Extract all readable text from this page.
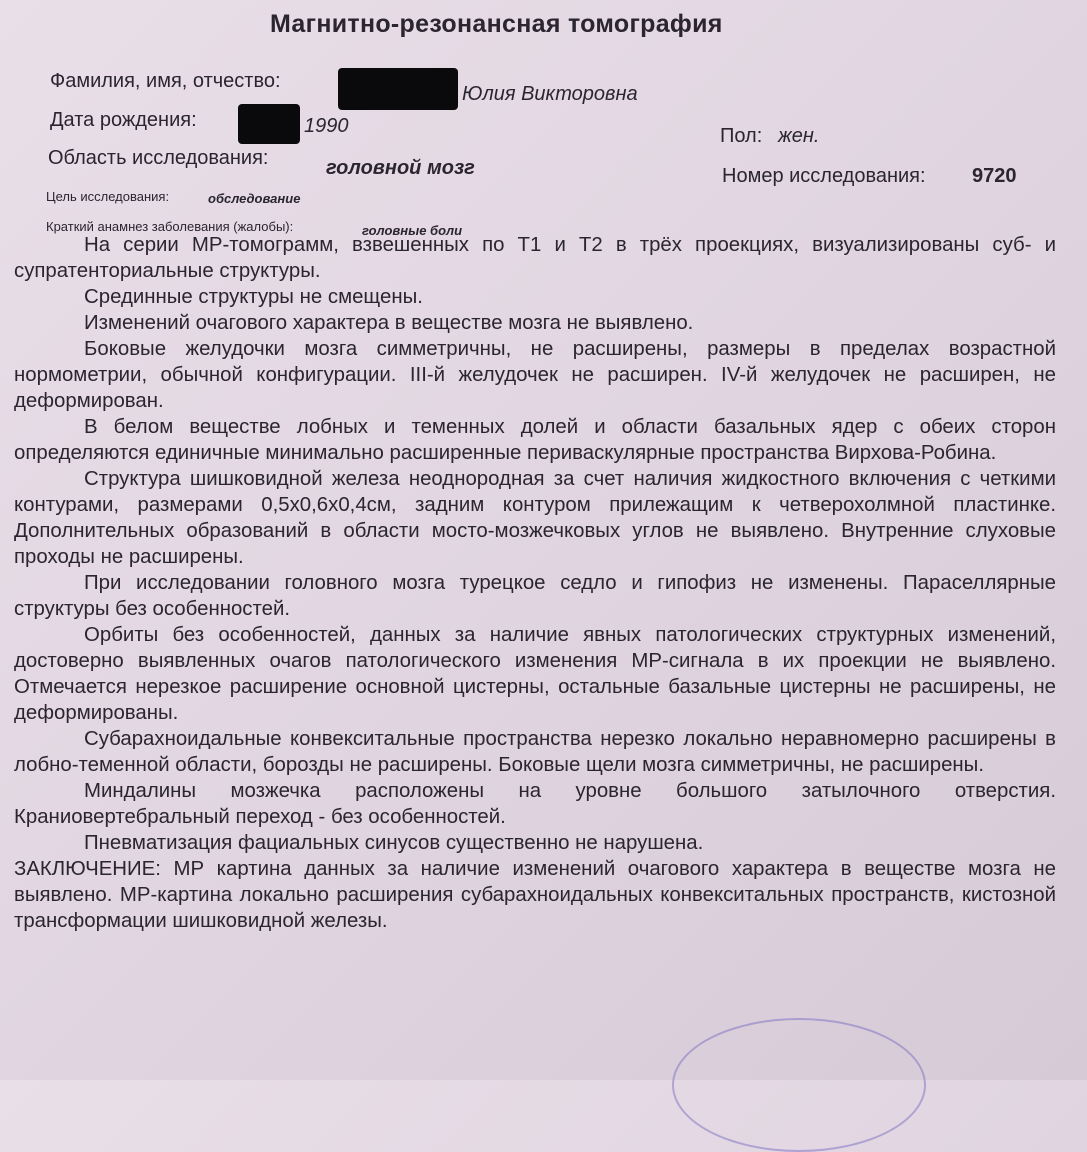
Магнитно-резонансная томография
Фамилия, имя, отчество:
Юлия Викторовна
Дата рождения:	1990	Пол: жен.
Область исследования:	головной мозг	Номер исследования: 9720
Цель исследования:	обследование
Краткий анамнез заболевания (жалобы):	головные боли

На серии МР-томограмм, взвешенных по Т1 и Т2 в трёх проекциях, визуализированы суб- и супратенториальные структуры.

Срединные структуры не смещены.

Изменений очагового характера в веществе мозга не выявлено.

Боковые желудочки мозга симметричны, не расширены, размеры в пределах возрастной нормометрии, обычной конфигурации. III-й желудочек не расширен. IV-й желудочек не расширен, не деформирован.

В белом веществе лобных и теменных долей и области базальных ядер с обеих сторон определяются единичные минимально расширенные периваскулярные пространства Вирхова-Робина.

Структура шишковидной железа неоднородная за счет наличия жидкостного включения с четкими контурами, размерами 0,5х0,6х0,4см, задним контуром прилежащим к четверохолмной пластинке. Дополнительных образований в области мосто-мозжечковых углов не выявлено. Внутренние слуховые проходы не расширены.

При исследовании головного мозга турецкое седло и гипофиз не изменены. Параселлярные структуры без особенностей.

Орбиты без особенностей, данных за наличие явных патологических структурных изменений, достоверно выявленных очагов патологического изменения МР-сигнала в их проекции не выявлено. Отмечается нерезкое расширение основной цистерны, остальные базальные цистерны не расширены, не деформированы.

Субарахноидальные конвекситальные пространства нерезко локально неравномерно расширены в лобно-теменной области, борозды не расширены. Боковые щели мозга симметричны, не расширены.

Миндалины мозжечка расположены на уровне большого затылочного отверстия. Краниовертебральный переход - без особенностей.

Пневматизация фациальных синусов существенно не нарушена.

ЗАКЛЮЧЕНИЕ: МР картина данных за наличие изменений очагового характера в веществе мозга не выявлено. МР-картина локально расширения субарахноидальных конвекситальных пространств, кистозной трансформации шишковидной железы.
